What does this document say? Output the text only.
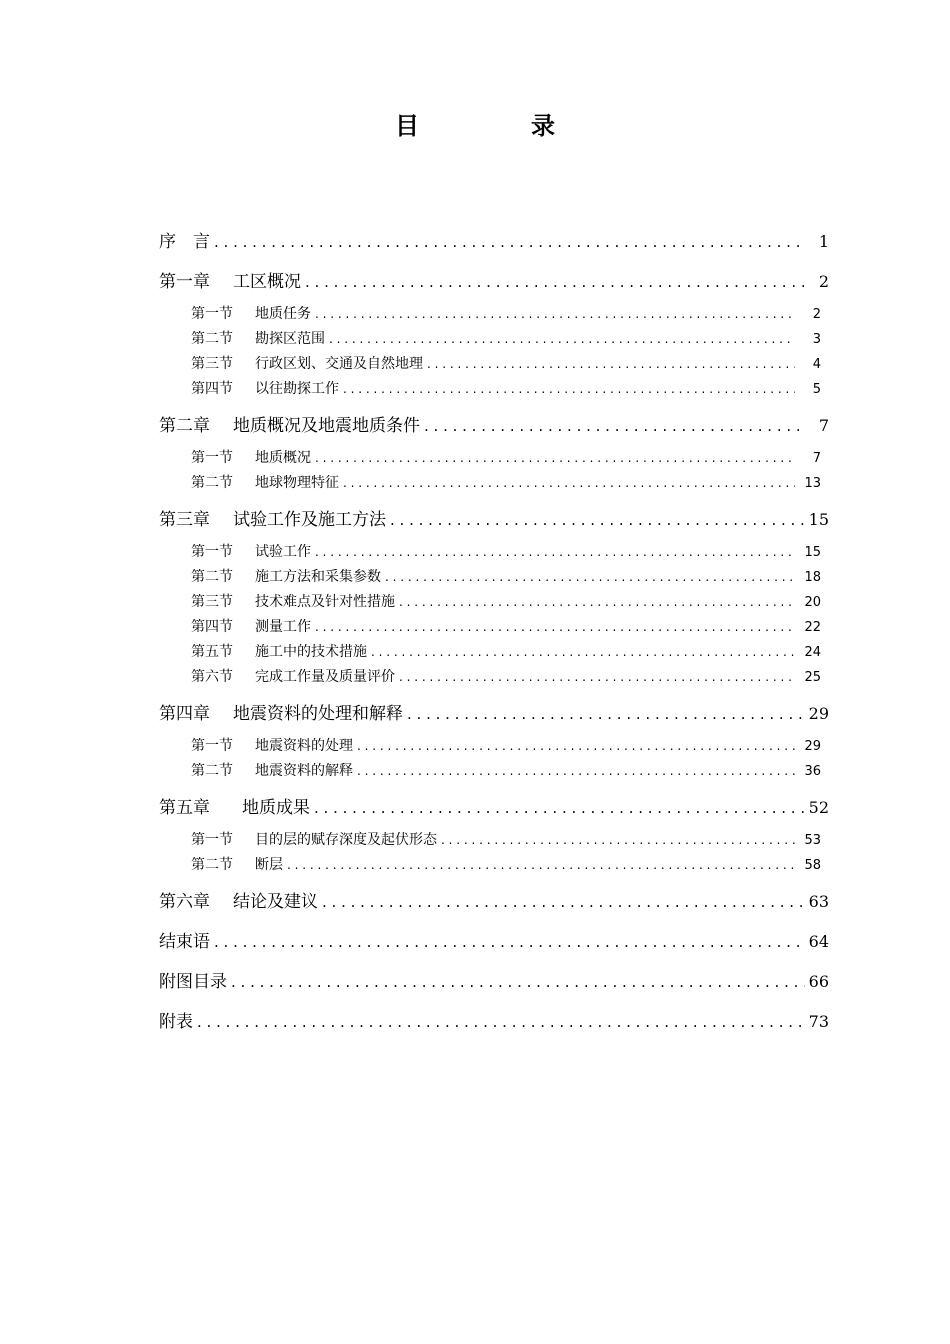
目　录
序　言 . . .	1
第一章 工区概况 . . .	2
第一节 地质任务 . . .	2
第二节 勘探区范围 . . .	3
第三节 行政区划、交通及自然地理 . . .	4
第四节 以往勘探工作 . . .	5
第二章 地质概况及地震地质条件 . . .	7
第一节 地质概况 . . .	7
第二节 地球物理特征 . . .	13
第三章 试验工作及施工方法 . . .	15
第一节 试验工作 . . .	15
第二节 施工方法和采集参数 . . .	18
第三节 技术难点及针对性措施 . . .	20
第四节 测量工作 . . .	22
第五节 施工中的技术措施 . . .	24
第六节 完成工作量及质量评价 . . .	25
第四章 地震资料的处理和解释 . . .	29
第一节 地震资料的处理 . . .	29
第二节 地震资料的解释 . . .	36
第五章 地质成果 . . .	52
第一节 目的层的赋存深度及起伏形态 . . .	53
第二节 断层 . . .	58
第六章 结论及建议 . . .	63
结束语 . . .	64
附图目录 . . .	66
附表 . . .	73
